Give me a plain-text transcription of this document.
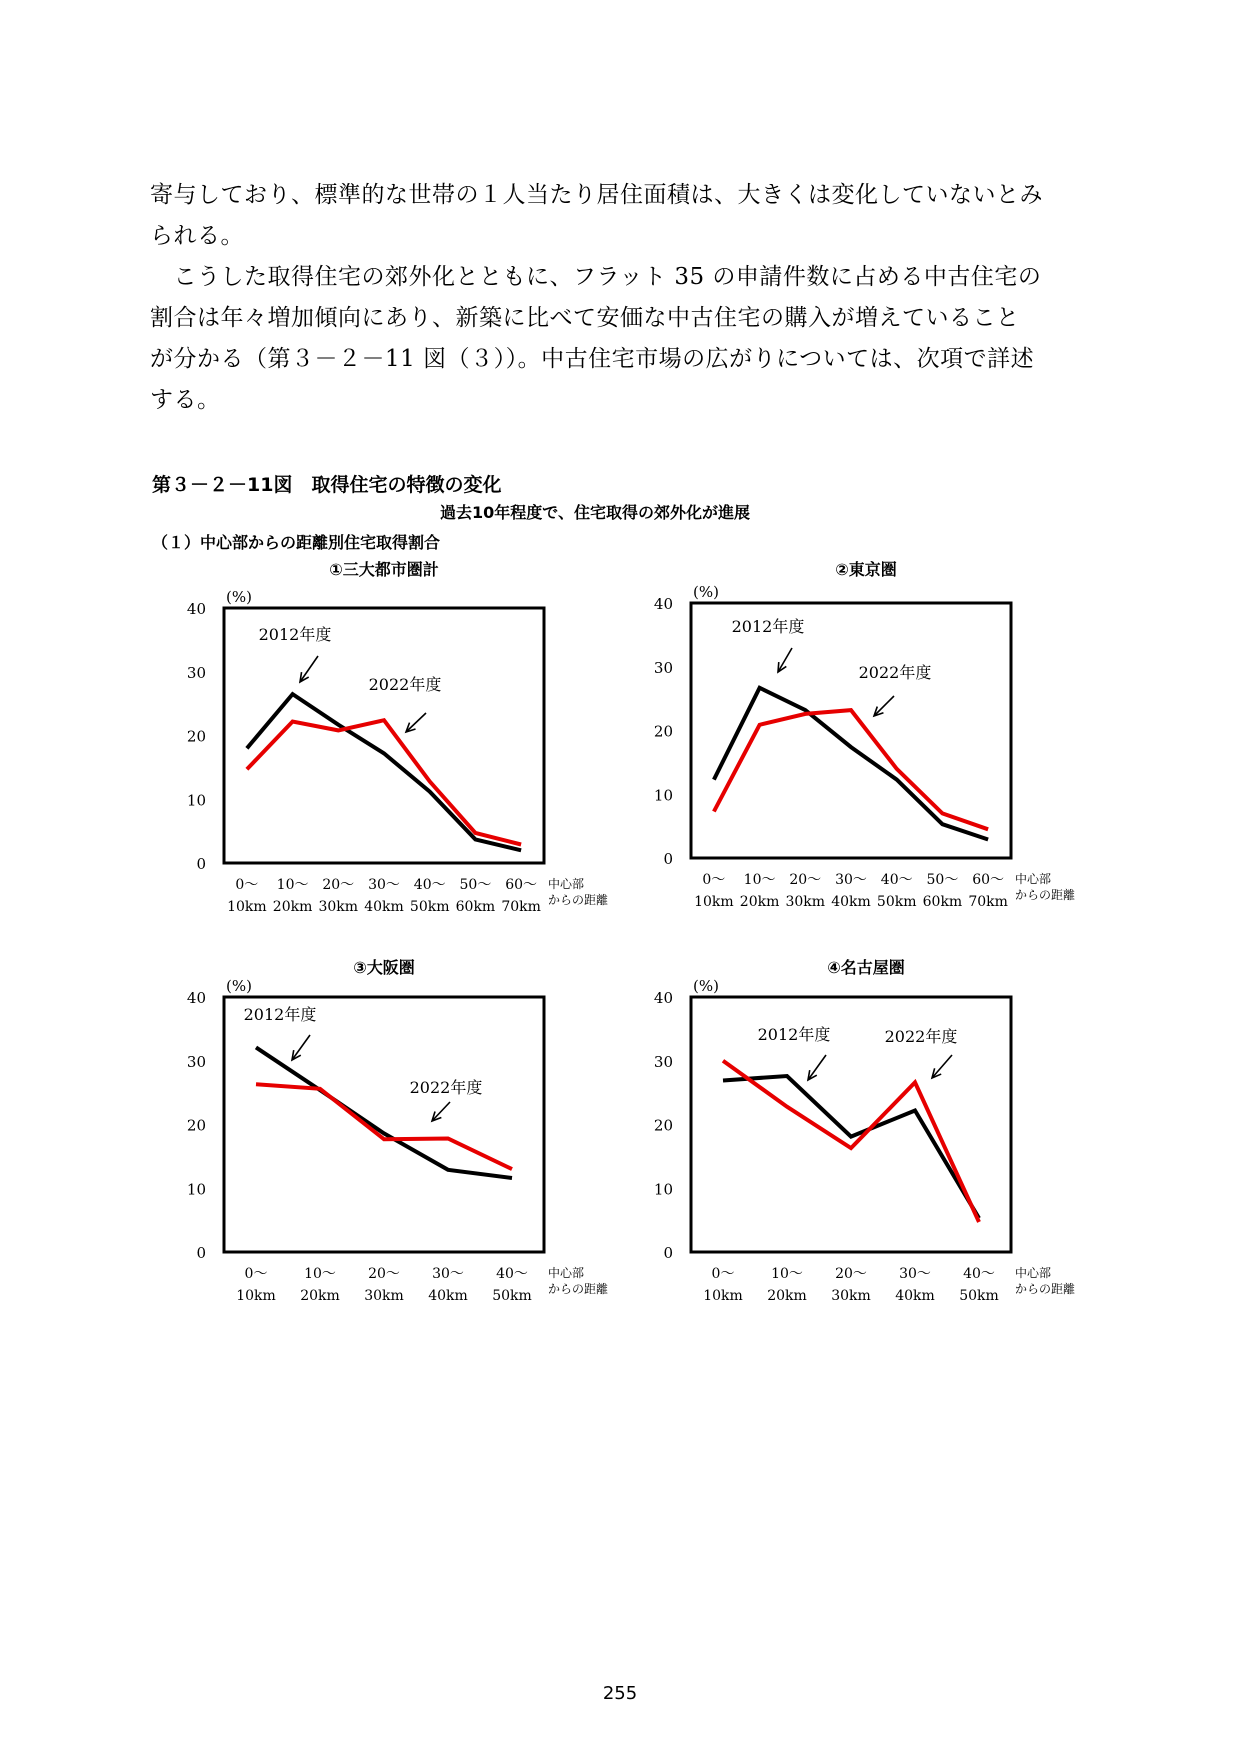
寄与しており、標準的な世帯の１人当たり居住面積は、大きくは変化していないとみ

られる。

　こうした取得住宅の郊外化とともに、フラット 35 の申請件数に占める中古住宅の

割合は年々増加傾向にあり、新築に比べて安価な中古住宅の購入が増えていること

が分かる（第３－２－11 図（３））。中古住宅市場の広がりについては、次項で詳述

する。

第３－２－11図　取得住宅の特徴の変化
過去10年程度で、住宅取得の郊外化が進展
（１）中心部からの距離別住宅取得割合
①三大都市圏計	②東京圏
③大阪圏	④名古屋圏
0
10
20
30
40
(%)
0～
10km
10～
20km
20～
30km
30～
40km
40～
50km
50～
60km
60～
70km
中心部
からの距離
2012年度
2022年度
0
10
20
30
40
(%)
0～
10km
10～
20km
20～
30km
30～
40km
40～
50km
50～
60km
60～
70km
中心部
からの距離
2012年度
2022年度
0
10
20
30
40
(%)
0～
10km
10～
20km
20～
30km
30～
40km
40～
50km
中心部
からの距離
2012年度
2022年度
0
10
20
30
40
(%)
0～
10km
10～
20km
20～
30km
30～
40km
40～
50km
中心部
からの距離
2012年度	2022年度
255
